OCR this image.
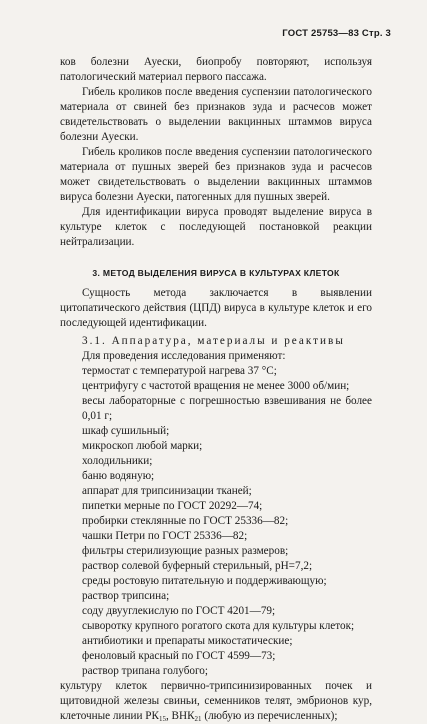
ГОСТ 25753—83 Стр. 3

ков болезни Ауески, биопробу повторяют, используя патологический материал первого пассажа.

Гибель кроликов после введения суспензии патологического материала от свиней без признаков зуда и расчесов может свидетельствовать о выделении вакцинных штаммов вируса болезни Ауески.

Гибель кроликов после введения суспензии патологического материала от пушных зверей без признаков зуда и расчесов может свидетельствовать о выделении вакцинных штаммов вируса болезни Ауески, патогенных для пушных зверей.

Для идентификации вируса проводят выделение вируса в культуре клеток с последующей постановкой реакции нейтрализации.

3. МЕТОД ВЫДЕЛЕНИЯ ВИРУСА В КУЛЬТУРАХ КЛЕТОК

Сущность метода заключается в выявлении цитопатического действия (ЦПД) вируса в культуре клеток и его последующей идентификации.

3.1. Аппаратура, материалы и реактивы

Для проведения исследования применяют:

термостат с температурой нагрева 37 °С;

центрифугу с частотой вращения не менее 3000 об/мин;

весы лабораторные с погрешностью взвешивания не более 0,01 г;

шкаф сушильный;

микроскоп любой марки;

холодильники;

баню водяную;

аппарат для трипсинизации тканей;

пипетки мерные по ГОСТ 20292—74;

пробирки стеклянные по ГОСТ 25336—82;

чашки Петри по ГОСТ 25336—82;

фильтры стерилизующие разных размеров;

раствор солевой буферный стерильный, pH=7,2;

среды ростовую питательную и поддерживающую;

раствор трипсина;

соду двууглекислую по ГОСТ 4201—79;

сыворотку крупного рогатого скота для культуры клеток;

антибиотики и препараты микостатические;

феноловый красный по ГОСТ 4599—73;

раствор трипана голубого;

культуру клеток первично-трипсинизированных почек и щитовидной железы свиньи, семенников телят, эмбрионов кур, клеточные линии $РК_{15}$, $ВНК_{21}$ (любую из перечисленных);
